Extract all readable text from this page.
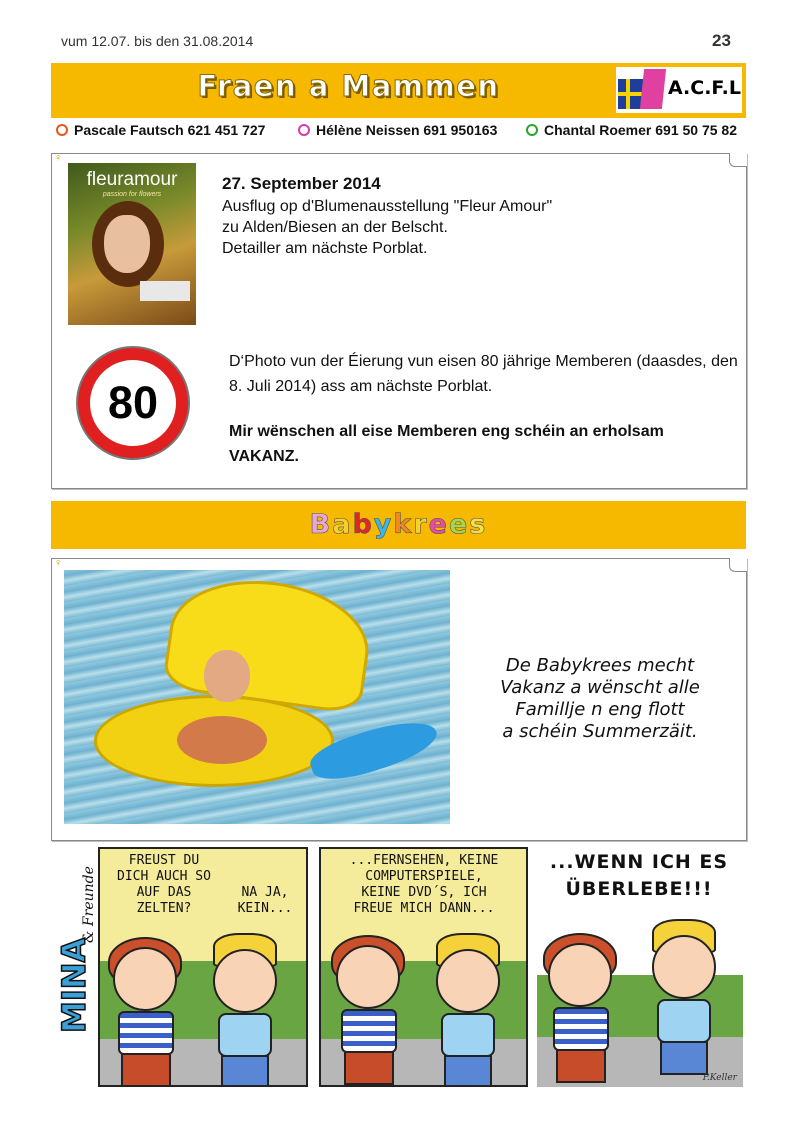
vum 12.07. bis den 31.08.2014	23
Fraen a Mammen	A.C.F.L
Pascale Fautsch 621 451 727	Hélène Neissen 691 950163	Chantal Roemer 691 50 75 82
♀
fleuramour
passion for flowers
27. September 2014
Ausflug op d'Blumenausstellung "Fleur Amour"
zu Alden/Biesen an der Belscht.
Detailler am nächste Porblat.
80
D‘Photo vun der Éierung vun eisen 80 jährige Memberen (daasdes, den 8. Juli 2014) ass am nächste Porblat.
Mir wënschen all eise Memberen eng schéin an erholsam VAKANZ.
Babykrees
♀
De Babykrees mecht
Vakanz a wënscht alle
Famillje n eng flott
a schéin Summerzäit.
MINA
& Freunde
FREUST DU
DICH AUCH SO
AUF DAS
ZELTEN?
NA JA,
KEIN...
...FERNSEHEN, KEINE
COMPUTERSPIELE,
KEINE DVD´S, ICH
FREUE MICH DANN...
...WENN ICH ES
ÜBERLEBE!!!
P.Keller
